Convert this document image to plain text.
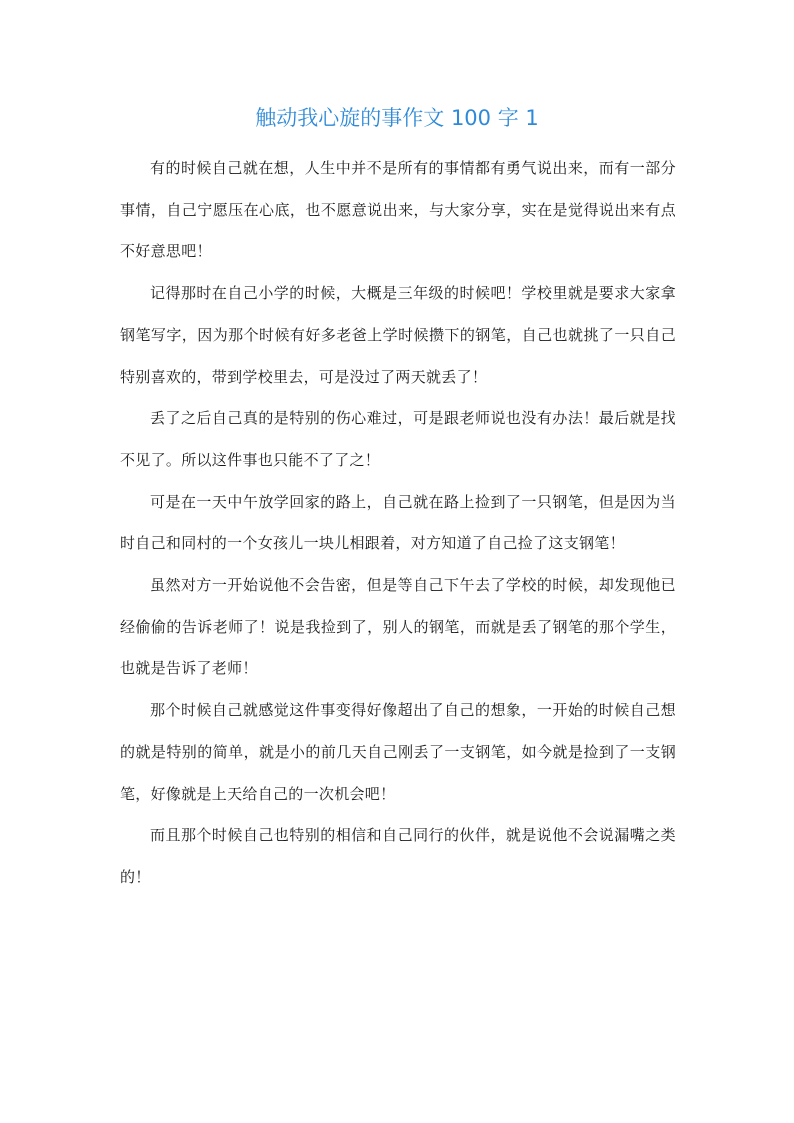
触动我心旋的事作文 100 字 1

有的时候自己就在想，人生中并不是所有的事情都有勇气说出来，而有一部分事情，自己宁愿压在心底，也不愿意说出来，与大家分享，实在是觉得说出来有点不好意思吧！

记得那时在自己小学的时候，大概是三年级的时候吧！学校里就是要求大家拿钢笔写字，因为那个时候有好多老爸上学时候攒下的钢笔，自己也就挑了一只自己特别喜欢的，带到学校里去，可是没过了两天就丢了！

丢了之后自己真的是特别的伤心难过，可是跟老师说也没有办法！最后就是找不见了。所以这件事也只能不了了之！

可是在一天中午放学回家的路上，自己就在路上捡到了一只钢笔，但是因为当时自己和同村的一个女孩儿一块儿相跟着，对方知道了自己捡了这支钢笔！

虽然对方一开始说他不会告密，但是等自己下午去了学校的时候，却发现他已经偷偷的告诉老师了！说是我捡到了，别人的钢笔，而就是丢了钢笔的那个学生，也就是告诉了老师！

那个时候自己就感觉这件事变得好像超出了自己的想象，一开始的时候自己想的就是特别的简单，就是小的前几天自己刚丢了一支钢笔，如今就是捡到了一支钢笔，好像就是上天给自己的一次机会吧！

而且那个时候自己也特别的相信和自己同行的伙伴，就是说他不会说漏嘴之类的！
